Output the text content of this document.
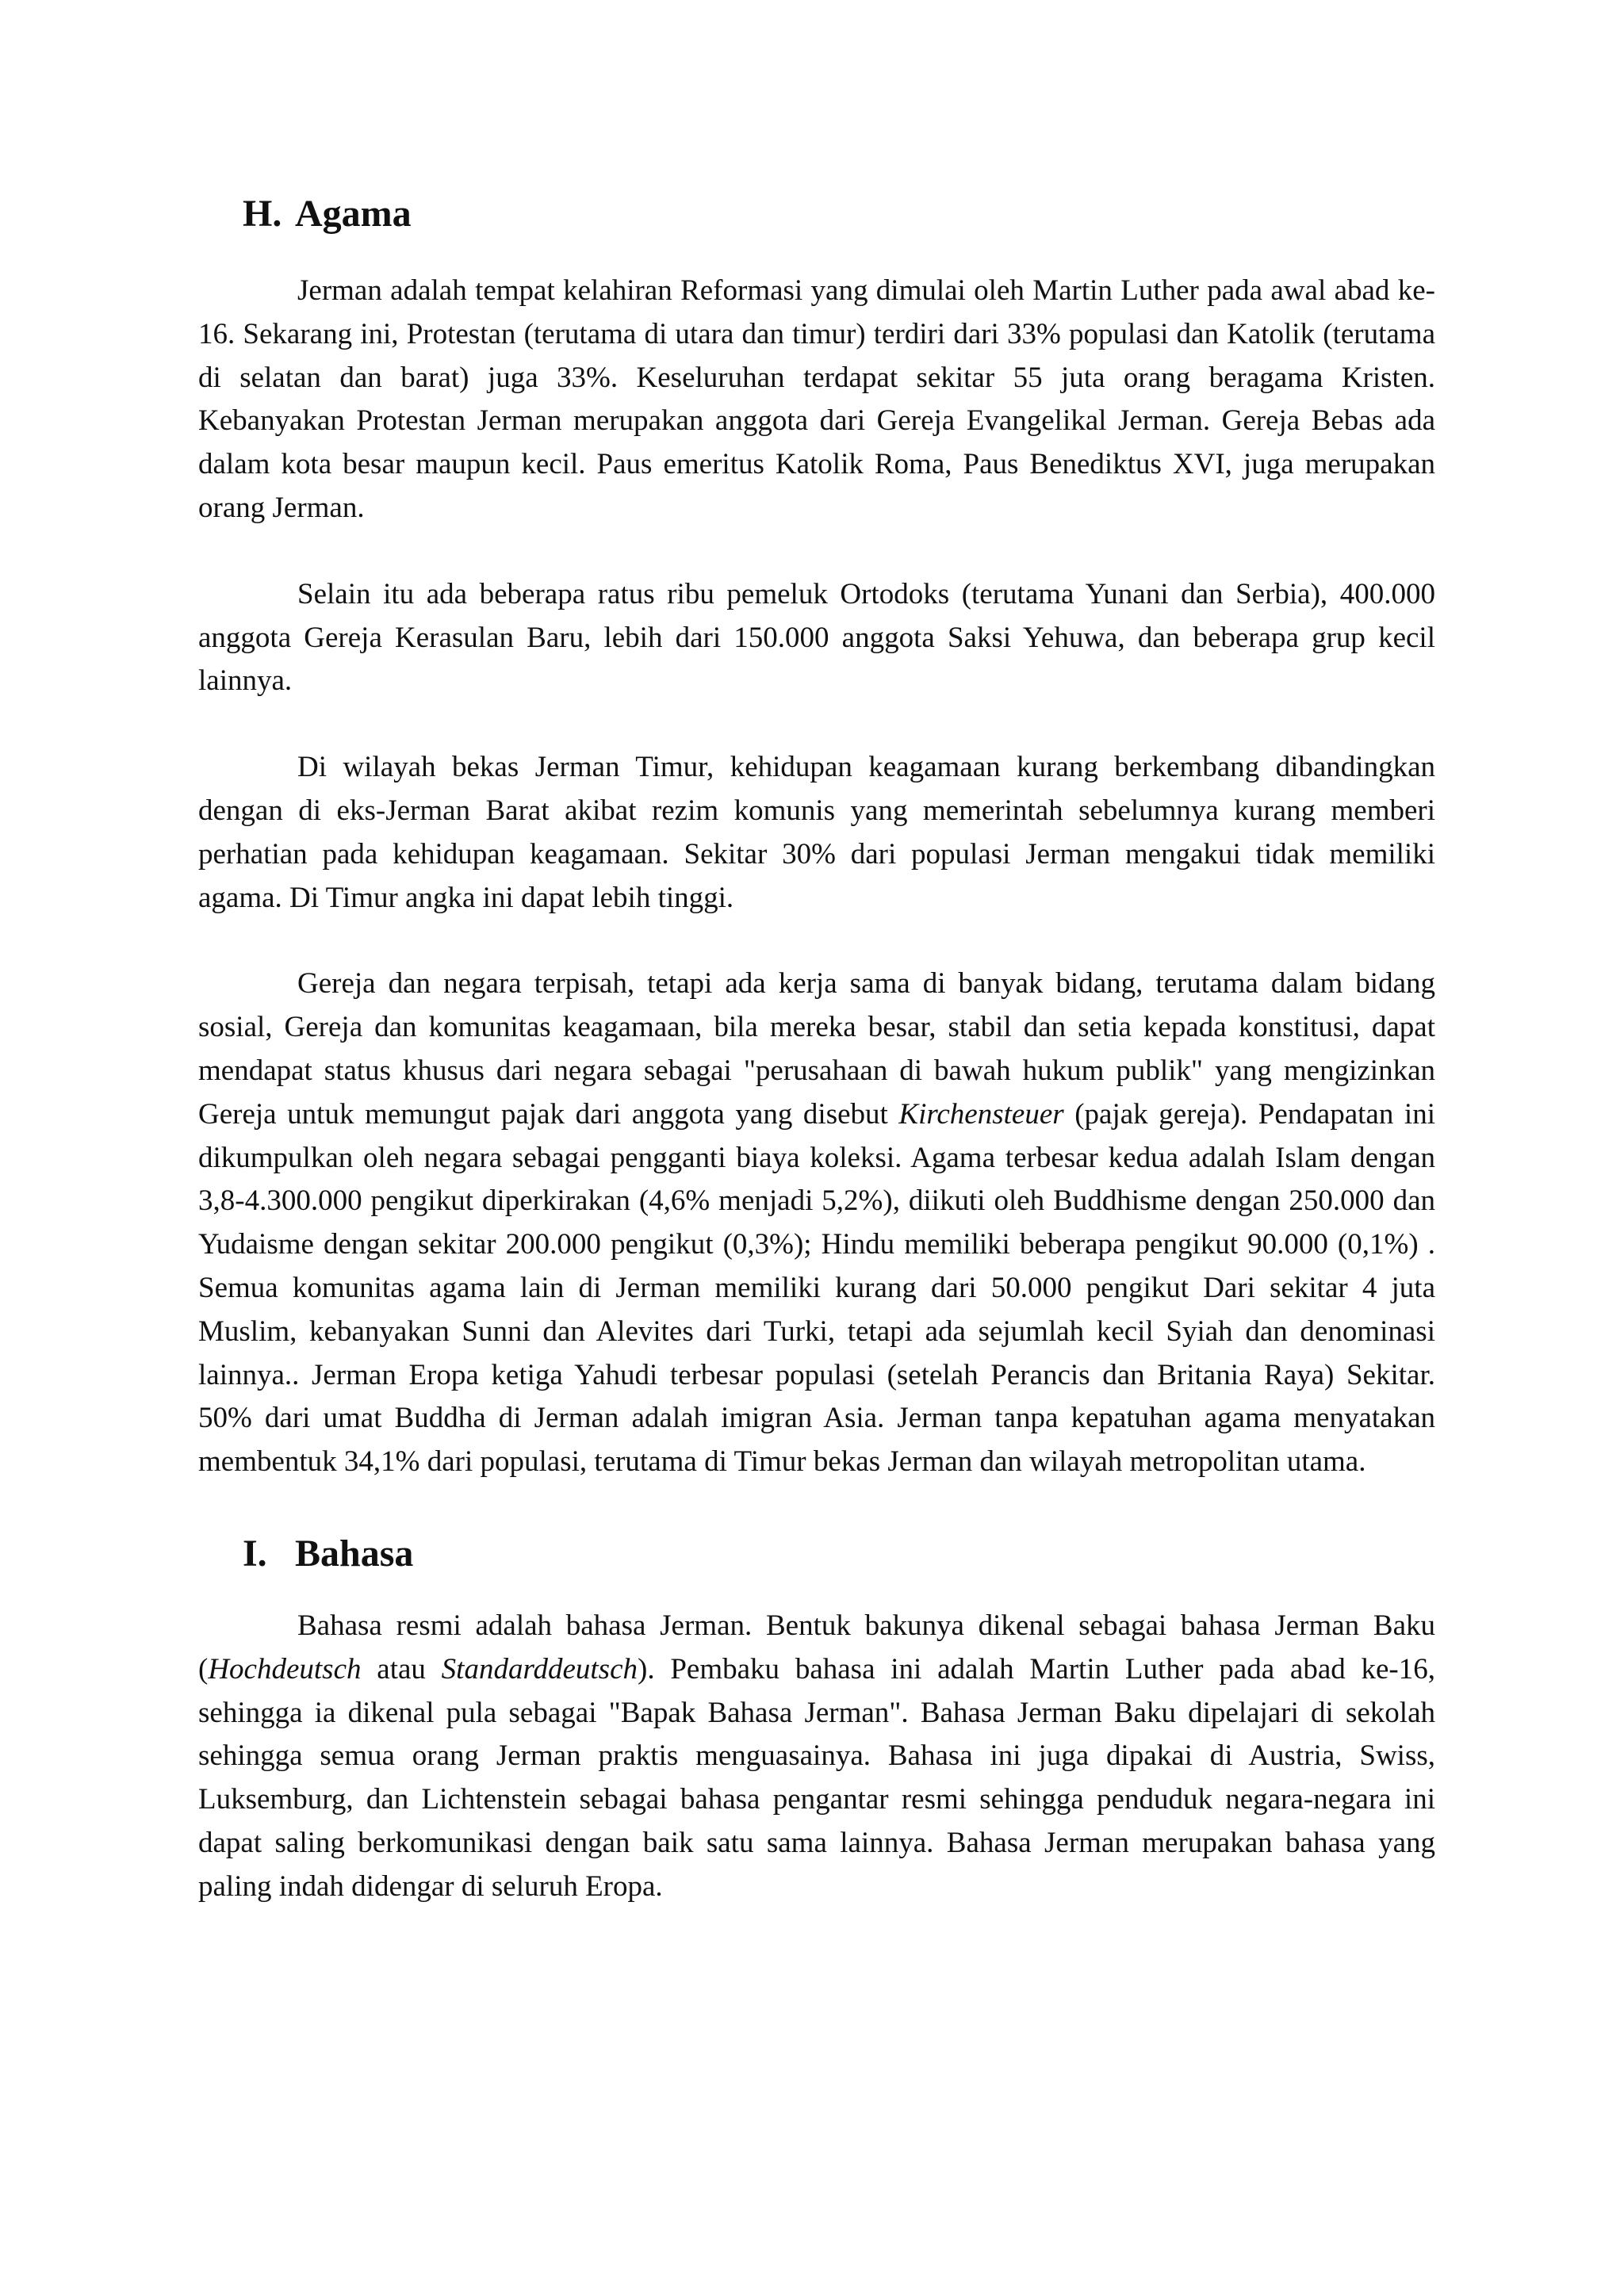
H. Agama

Jerman adalah tempat kelahiran Reformasi yang dimulai oleh Martin Luther pada awal abad ke-16. Sekarang ini, Protestan (terutama di utara dan timur) terdiri dari 33% populasi dan Katolik (terutama di selatan dan barat) juga 33%. Keseluruhan terdapat sekitar 55 juta orang beragama Kristen. Kebanyakan Protestan Jerman merupakan anggota dari Gereja Evangelikal Jerman. Gereja Bebas ada dalam kota besar maupun kecil. Paus emeritus Katolik Roma, Paus Benediktus XVI, juga merupakan orang Jerman.

Selain itu ada beberapa ratus ribu pemeluk Ortodoks (terutama Yunani dan Serbia), 400.000 anggota Gereja Kerasulan Baru, lebih dari 150.000 anggota Saksi Yehuwa, dan beberapa grup kecil lainnya.

Di wilayah bekas Jerman Timur, kehidupan keagamaan kurang berkembang dibandingkan dengan di eks-Jerman Barat akibat rezim komunis yang memerintah sebelumnya kurang memberi perhatian pada kehidupan keagamaan. Sekitar 30% dari populasi Jerman mengakui tidak memiliki agama. Di Timur angka ini dapat lebih tinggi.

Gereja dan negara terpisah, tetapi ada kerja sama di banyak bidang, terutama dalam bidang sosial, Gereja dan komunitas keagamaan, bila mereka besar, stabil dan setia kepada konstitusi, dapat mendapat status khusus dari negara sebagai "perusahaan di bawah hukum publik" yang mengizinkan Gereja untuk memungut pajak dari anggota yang disebut Kirchensteuer (pajak gereja). Pendapatan ini dikumpulkan oleh negara sebagai pengganti biaya koleksi. Agama terbesar kedua adalah Islam dengan 3,8-4.300.000 pengikut diperkirakan (4,6% menjadi 5,2%), diikuti oleh Buddhisme dengan 250.000 dan Yudaisme dengan sekitar 200.000 pengikut (0,3%); Hindu memiliki beberapa pengikut 90.000 (0,1%) . Semua komunitas agama lain di Jerman memiliki kurang dari 50.000 pengikut Dari sekitar 4 juta Muslim, kebanyakan Sunni dan Alevites dari Turki, tetapi ada sejumlah kecil Syiah dan denominasi lainnya.. Jerman Eropa ketiga Yahudi terbesar populasi (setelah Perancis dan Britania Raya) Sekitar. 50% dari umat Buddha di Jerman adalah imigran Asia. Jerman tanpa kepatuhan agama menyatakan membentuk 34,1% dari populasi, terutama di Timur bekas Jerman dan wilayah metropolitan utama.

I. Bahasa

Bahasa resmi adalah bahasa Jerman. Bentuk bakunya dikenal sebagai bahasa Jerman Baku (Hochdeutsch atau Standarddeutsch). Pembaku bahasa ini adalah Martin Luther pada abad ke-16, sehingga ia dikenal pula sebagai "Bapak Bahasa Jerman". Bahasa Jerman Baku dipelajari di sekolah sehingga semua orang Jerman praktis menguasainya. Bahasa ini juga dipakai di Austria, Swiss, Luksemburg, dan Lichtenstein sebagai bahasa pengantar resmi sehingga penduduk negara-negara ini dapat saling berkomunikasi dengan baik satu sama lainnya. Bahasa Jerman merupakan bahasa yang paling indah didengar di seluruh Eropa.
